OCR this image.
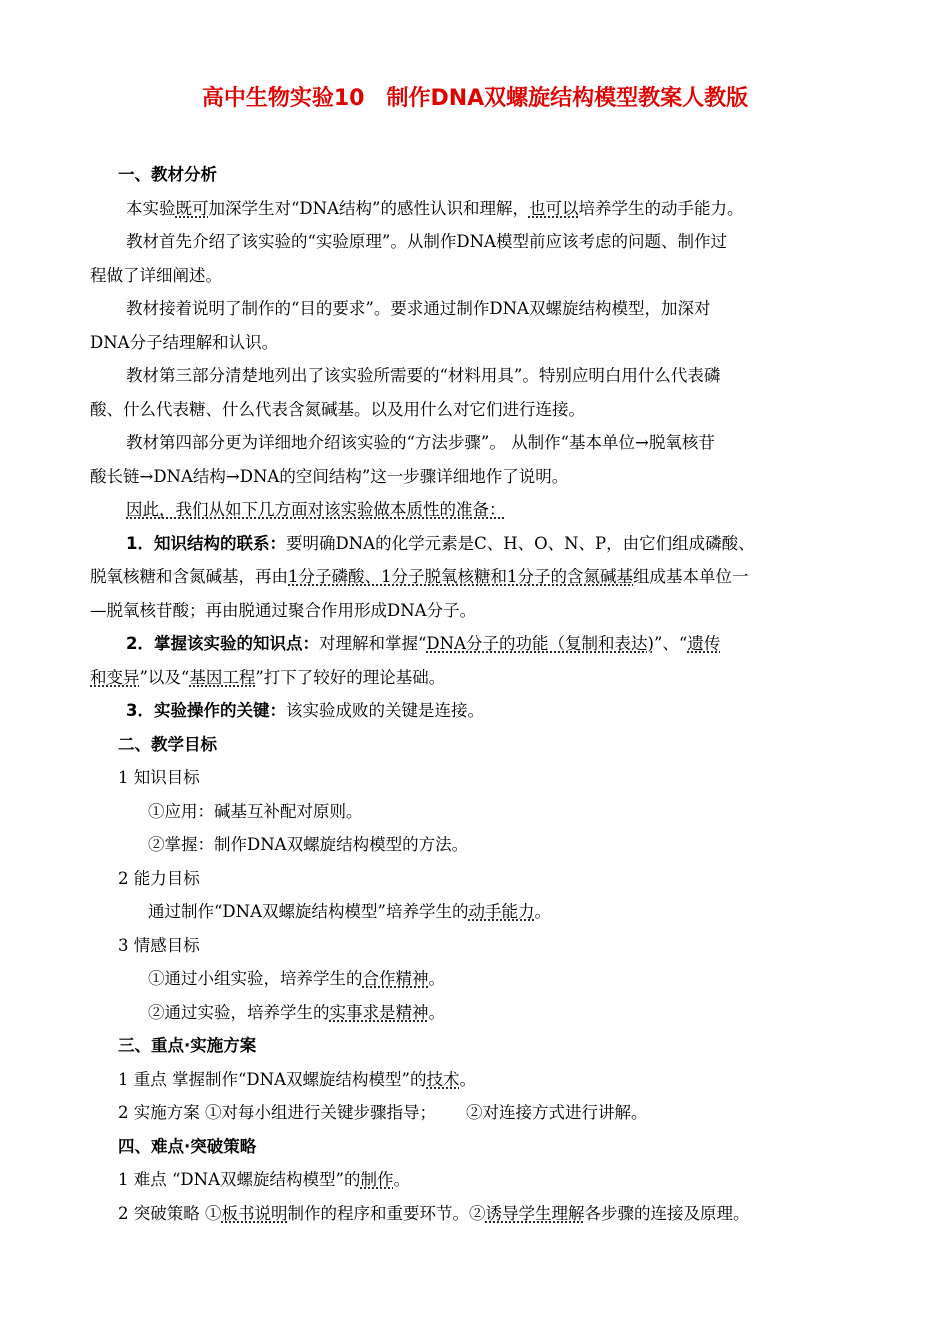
高中生物实验10　制作DNA双螺旋结构模型教案人教版
一、教材分析
本实验既可加深学生对“DNA结构”的感性认识和理解，也可以培养学生的动手能力。
教材首先介绍了该实验的“实验原理”。从制作DNA模型前应该考虑的问题、制作过
程做了详细阐述。
教材接着说明了制作的“目的要求”。要求通过制作DNA双螺旋结构模型，加深对
DNA分子结理解和认识。
教材第三部分清楚地列出了该实验所需要的“材料用具”。特别应明白用什么代表磷
酸、什么代表糖、什么代表含氮碱基。以及用什么对它们进行连接。
教材第四部分更为详细地介绍该实验的“方法步骤”。 从制作“基本单位→脱氧核苷
酸长链→DNA结构→DNA的空间结构”这一步骤详细地作了说明。
因此，我们从如下几方面对该实验做本质性的准备：
1．知识结构的联系：要明确DNA的化学元素是C、H、O、N、P，由它们组成磷酸、
脱氧核糖和含氮碱基，再由1分子磷酸、1分子脱氧核糖和1分子的含氮碱基组成基本单位一
—脱氧核苷酸；再由脱通过聚合作用形成DNA分子。
2．掌握该实验的知识点：对理解和掌握“DNA分子的功能（复制和表达)”、“遗传
和变异”以及“基因工程”打下了较好的理论基础。
3．实验操作的关键：该实验成败的关键是连接。
二、教学目标
1 知识目标
①应用：碱基互补配对原则。
②掌握：制作DNA双螺旋结构模型的方法。
2 能力目标
通过制作“DNA双螺旋结构模型”培养学生的动手能力。
3 情感目标
①通过小组实验，培养学生的合作精神。
②通过实验，培养学生的实事求是精神。
三、重点·实施方案
1 重点 掌握制作“DNA双螺旋结构模型”的技术。
2 实施方案 ①对每小组进行关键步骤指导； ②对连接方式进行讲解。
四、难点·突破策略
1 难点 “DNA双螺旋结构模型”的制作。
2 突破策略 ①板书说明制作的程序和重要环节。②诱导学生理解各步骤的连接及原理。
